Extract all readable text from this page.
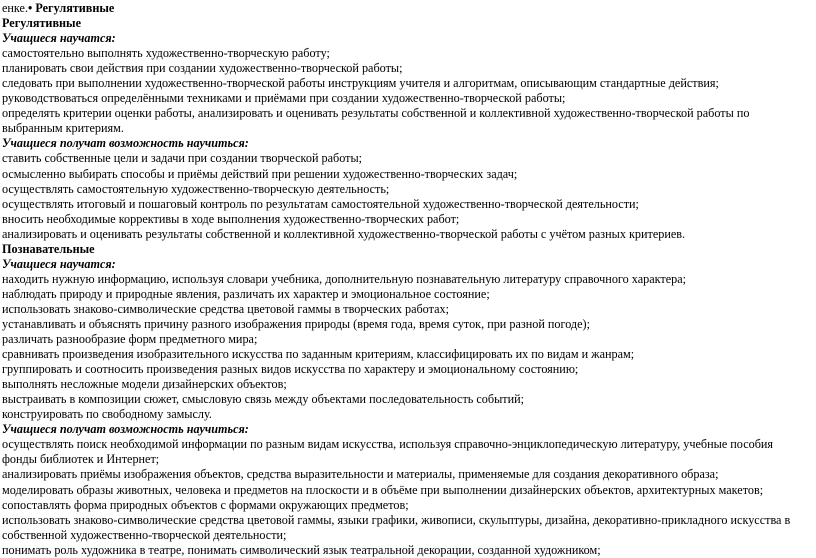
енке.• Регулятивные
Регулятивные
Учащиеся научатся:
самостоятельно выполнять художественно-творческую работу;
планировать свои действия при создании художественно-творческой работы;
следовать при выполнении художественно-творческой работы инструкциям учителя и алгоритмам, описывающим стандартные действия;
руководствоваться определёнными техниками и приёмами при создании художественно-творческой работы;
определять критерии оценки работы, анализировать и оценивать результаты собственной и коллективной художественно-творческой работы по выбранным критериям.
Учащиеся получат возможность научиться:
ставить собственные цели и задачи при создании творческой работы;
осмысленно выбирать способы и приёмы действий при решении художественно-творческих задач;
осуществлять самостоятельную художественно-творческую деятельность;
осуществлять итоговый и пошаговый контроль по результатам самостоятельной художественно-творческой деятельности;
вносить необходимые коррективы в ходе выполнения художественно-творческих работ;
анализировать и оценивать результаты собственной и коллективной художественно-творческой работы с учётом разных критериев.
Познавательные
Учащиеся научатся:
находить нужную информацию, используя словари учебника, дополнительную познавательную литературу справочного характера;
наблюдать природу и природные явления, различать их характер и эмоциональное состояние;
использовать знаково-символические средства цветовой гаммы в творческих работах;
устанавливать и объяснять причину разного изображения природы (время года, время суток, при разной погоде);
различать разнообразие форм предметного мира;
сравнивать произведения изобразительного искусства по заданным критериям, классифицировать их по видам и жанрам;
группировать и соотносить произведения разных видов искусства по характеру и эмоциональному состоянию;
выполнять несложные модели дизайнерских объектов;
выстраивать в композиции сюжет, смысловую связь между объектами последовательность событий;
конструировать по свободному замыслу.
Учащиеся получат возможность научиться:
осуществлять поиск необходимой информации по разным видам искусства, используя справочно-энциклопедическую литературу, учебные пособия фонды библиотек и Интернет;
анализировать приёмы изображения объектов, средства выразительности и материалы, применяемые для создания декоративного образа;
моделировать образы животных, человека и предметов на плоскости и в объёме при выполнении дизайнерских объектов, архитектурных макетов;
сопоставлять форма природных объектов с формами окружающих предметов;
использовать знаково-символические средства цветовой гаммы, языки графики, живописи, скульптуры, дизайна, декоративно-прикладного искусства в собственной художественно-творческой деятельности;
понимать роль художника в театре, понимать символический язык театральной декорации, созданной художником;
